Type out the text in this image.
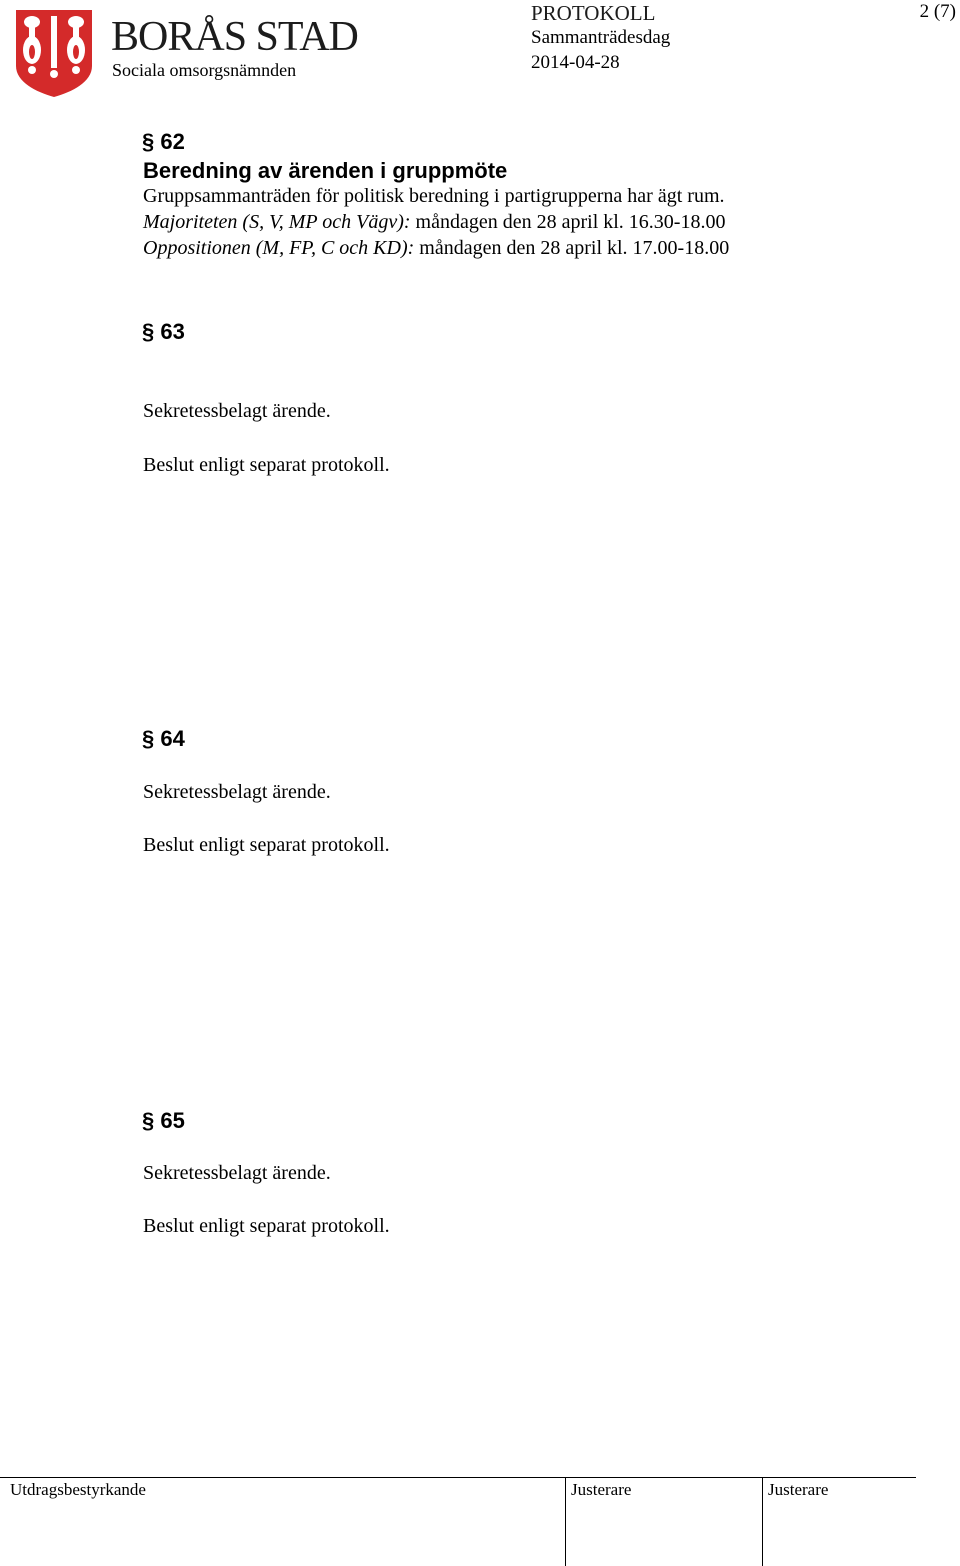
BORÅS STAD
Sociala omsorgsnämnden
PROTOKOLL
Sammanträdesdag
2014-04-28
2 (7)
§ 62
Beredning av ärenden i gruppmöte
Gruppsammanträden för politisk beredning i partigrupperna har ägt rum.
Majoriteten (S, V, MP och Vägv): måndagen den 28 april kl. 16.30-18.00
Oppositionen (M, FP, C och KD): måndagen den 28 april kl. 17.00-18.00
§ 63
Sekretessbelagt ärende.
Beslut enligt separat protokoll.
§ 64
Sekretessbelagt ärende.
Beslut enligt separat protokoll.
§ 65
Sekretessbelagt ärende.
Beslut enligt separat protokoll.
Utdragsbestyrkande	Justerare	Justerare
